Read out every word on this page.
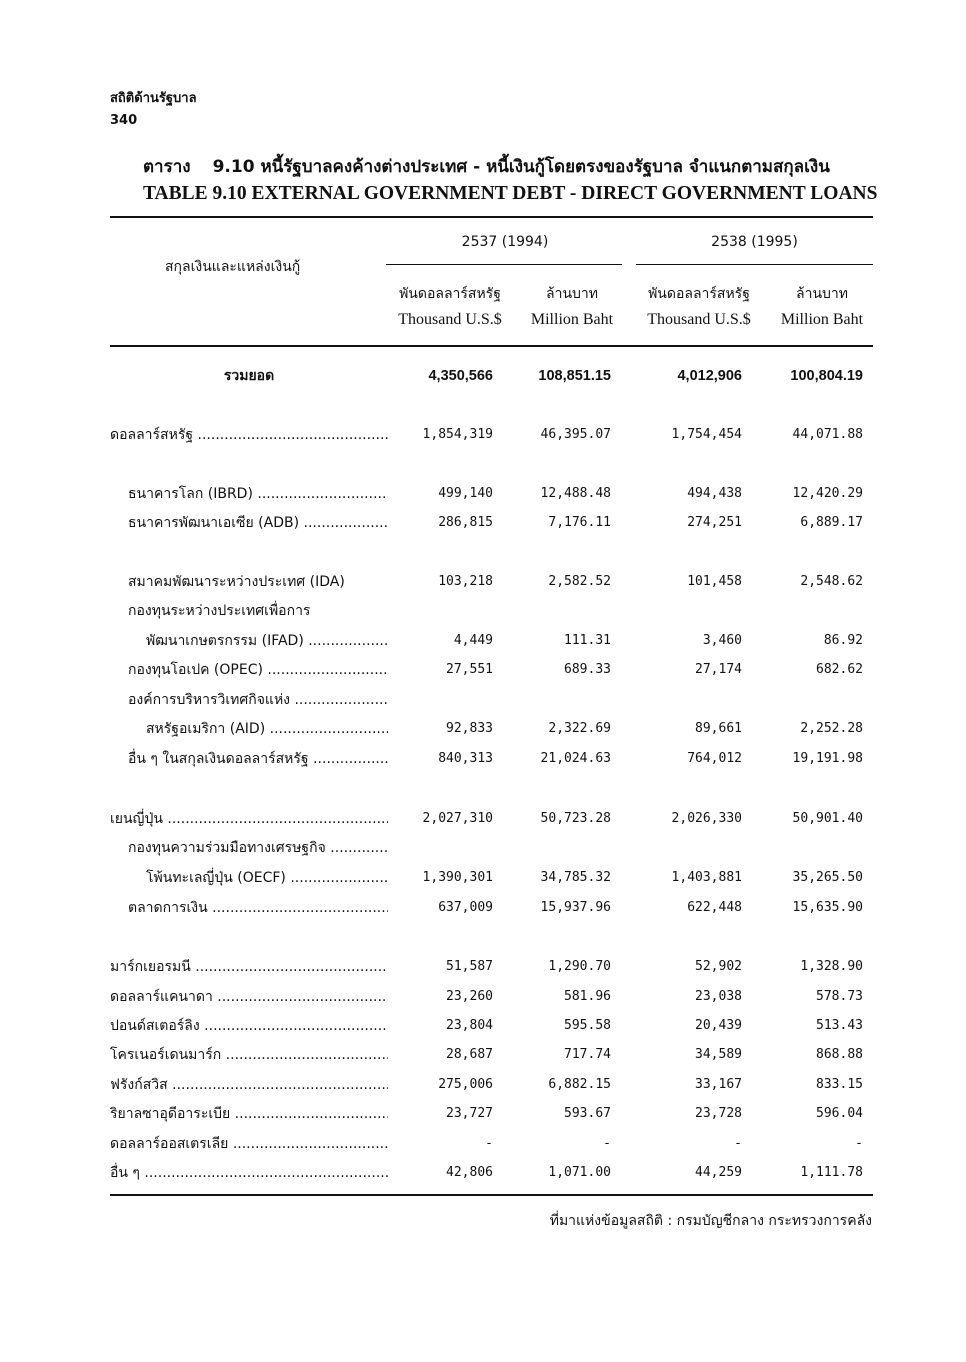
สถิติด้านรัฐบาล
340
ตาราง 9.10 หนี้รัฐบาลคงค้างต่างประเทศ - หนี้เงินกู้โดยตรงของรัฐบาล จำแนกตามสกุลเงิน
TABLE 9.10 EXTERNAL GOVERNMENT DEBT - DIRECT GOVERNMENT LOANS
สกุลเงินและแหล่งเงินกู้
2537 (1994)	2538 (1995)
พันดอลลาร์สหรัฐ	ล้านบาท	พันดอลลาร์สหรัฐ	ล้านบาท
Thousand U.S.$	Million Baht	Thousand U.S.$	Million Baht
รวมยอด	4,350,566	108,851.15	4,012,906	100,804.19
ดอลลาร์สหรัฐ .....	1,854,319	46,395.07	1,754,454	44,071.88
ธนาคารโลก (IBRD) .....	499,140	12,488.48	494,438	12,420.29
ธนาคารพัฒนาเอเซีย (ADB) .....	286,815	7,176.11	274,251	6,889.17
สมาคมพัฒนาระหว่างประเทศ (IDA)	103,218	2,582.52	101,458	2,548.62
กองทุนระหว่างประเทศเพื่อการ
พัฒนาเกษตรกรรม (IFAD) .....	4,449	111.31	3,460	86.92
กองทุนโอเปค (OPEC) .....	27,551	689.33	27,174	682.62
องค์การบริหารวิเทศกิจแห่ง .....
สหรัฐอเมริกา (AID) .....	92,833	2,322.69	89,661	2,252.28
อื่น ๆ ในสกุลเงินดอลลาร์สหรัฐ .....	840,313	21,024.63	764,012	19,191.98
เยนญี่ปุ่น .....	2,027,310	50,723.28	2,026,330	50,901.40
กองทุนความร่วมมือทางเศรษฐกิจ .....
โพ้นทะเลญี่ปุ่น (OECF) .....	1,390,301	34,785.32	1,403,881	35,265.50
ตลาดการเงิน .....	637,009	15,937.96	622,448	15,635.90
มาร์กเยอรมนี .....	51,587	1,290.70	52,902	1,328.90
ดอลลาร์แคนาดา .....	23,260	581.96	23,038	578.73
ปอนด์สเตอร์ลิง .....	23,804	595.58	20,439	513.43
โครเนอร์เดนมาร์ก .....	28,687	717.74	34,589	868.88
ฟรังก์สวิส .....	275,006	6,882.15	33,167	833.15
ริยาลซาอุดีอาระเบีย .....	23,727	593.67	23,728	596.04
ดอลลาร์ออสเตรเลีย .....	-	-	-	-
อื่น ๆ .....	42,806	1,071.00	44,259	1,111.78
ที่มาแห่งข้อมูลสถิติ : กรมบัญชีกลาง กระทรวงการคลัง
